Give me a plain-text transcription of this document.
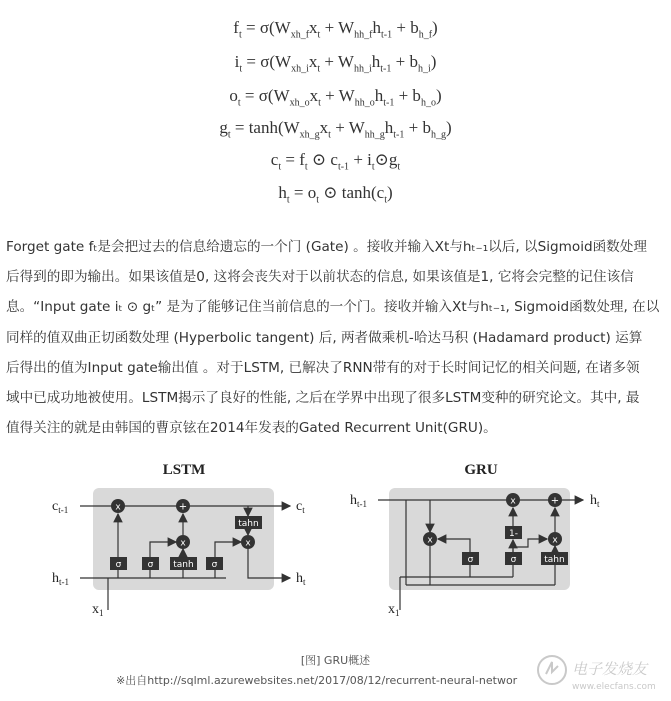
$f_t = \sigma(W_{xh\_f}x_t + W_{hh\_f}h_{t-1} + b_{h\_f})$
$i_t = \sigma(W_{xh\_i}x_t + W_{hh\_i}h_{t-1} + b_{h\_i})$
$o_t = \sigma(W_{xh\_o}x_t + W_{hh\_o}h_{t-1} + b_{h\_o})$
$g_t = \tanh(W_{xh\_g}x_t + W_{hh\_g}h_{t-1} + b_{h\_g})$
$c_t = f_t$ ⊙ $c_{t-1}$ + $i_t⊙g_t$
$h_t = o_t$ ⊙ $\tanh(c_t)$
Forget gate fₜ是会把过去的信息给遗忘的一个门 (Gate) 。接收并输入Xt与hₜ₋₁以后, 以Sigmoid函数处理
后得到的即为输出。如果该值是0, 这将会丧失对于以前状态的信息, 如果该值是1, 它将会完整的记住该信
息。“Input gate iₜ ⊙ gₜ” 是为了能够记住当前信息的一个门。接收并输入Xt与hₜ₋₁, Sigmoid函数处理, 在以
同样的值双曲正切函数处理 (Hyperbolic tangent) 后, 两者做乘机-哈达马积 (Hadamard product) 运算
后得出的值为Input gate输出值 。对于LSTM, 已解决了RNN带有的对于长时间记忆的相关问题, 在诸多领
域中已成功地被使用。LSTM揭示了良好的性能, 之后在学界中出现了很多LSTM变种的研究论文。其中, 最
值得关注的就是由韩国的曹京铉在2014年发表的Gated Recurrent Unit(GRU)。
LSTM
$c_{t-1}$	$c_t$
$h_{t-1}$
$x_1$
σ	σ tanh σ
x
x
+
tahn
x
$h_t$
GRU
$h_{t-1}$	$h_t$
$x_1$
x
σ	σ
1-
x
tahn
x
+
[图] GRU概述
※出自http://sqlml.azurewebsites.net/2017/08/12/recurrent-neural-networ
电子发烧友
www.elecfans.com
